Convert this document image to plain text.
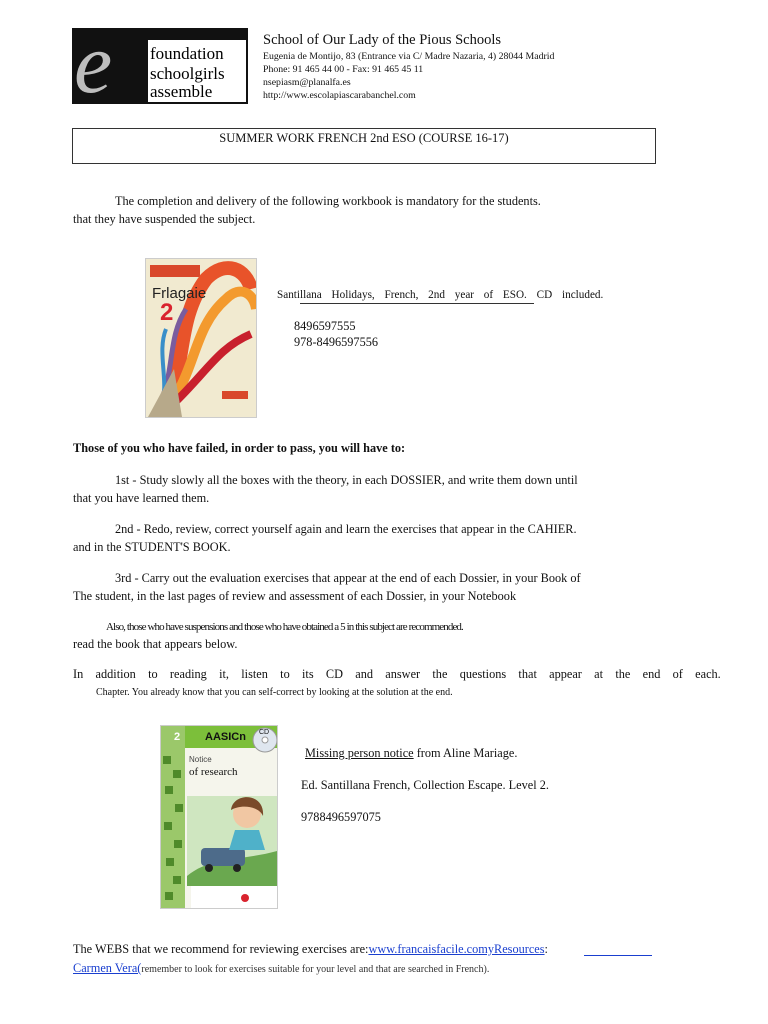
e foundation
schoolgirls
assemble
School of Our Lady of the Pious Schools
Eugenia de Montijo, 83 (Entrance via C/ Madre Nazaria, 4) 28044 Madrid
Phone: 91 465 44 00 - Fax: 91 465 45 11
nsepiasm@planalfa.es
http://www.escolapiascarabanchel.com
SUMMER WORK FRENCH 2nd ESO (COURSE 16-17)
The completion and delivery of the following workbook is mandatory for the students.
that they have suspended the subject.
Frlagaie
2
Santillana Holidays, French, 2nd year of ESO. CD included.
8496597555
978-8496597556
Those of you who have failed, in order to pass, you will have to:
1st - Study slowly all the boxes with the theory, in each DOSSIER, and write them down until
that you have learned them.
2nd - Redo, review, correct yourself again and learn the exercises that appear in the CAHIER.
and in the STUDENT'S BOOK.
3rd - Carry out the evaluation exercises that appear at the end of each Dossier, in your Book of
The student, in the last pages of review and assessment of each Dossier, in your Notebook
Also, those who have suspensions and those who have obtained a 5 in this subject are recommended.
read the book that appears below.
In addition to reading it, listen to its CD and answer the questions that appear at the end of each.
Chapter. You already know that you can self-correct by looking at the solution at the end.
AASICn CD
2
Notice
of research
Missing person notice from Aline Mariage.
Ed. Santillana French, Collection Escape. Level 2.
9788496597075
The WEBS that we recommend for reviewing exercises are:www.francaisfacile.comyResources:
Carmen Vera(remember to look for exercises suitable for your level and that are searched in French).
